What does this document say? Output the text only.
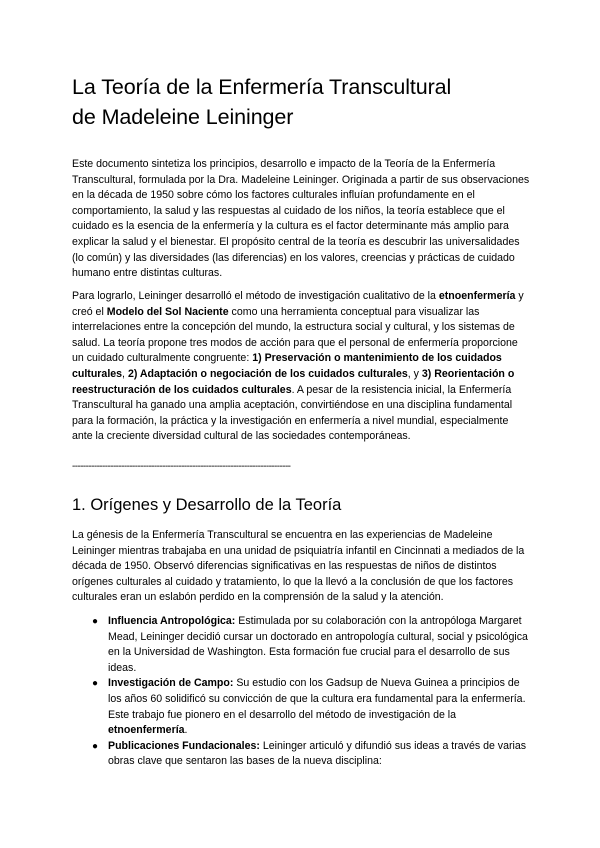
La Teoría de la Enfermería Transcultural
de Madeleine Leininger

Este documento sintetiza los principios, desarrollo e impacto de la Teoría de la Enfermería Transcultural, formulada por la Dra. Madeleine Leininger. Originada a partir de sus observaciones en la década de 1950 sobre cómo los factores culturales influían profundamente en el comportamiento, la salud y las respuestas al cuidado de los niños, la teoría establece que el cuidado es la esencia de la enfermería y la cultura es el factor determinante más amplio para explicar la salud y el bienestar. El propósito central de la teoría es descubrir las universalidades (lo común) y las diversidades (las diferencias) en los valores, creencias y prácticas de cuidado humano entre distintas culturas.

Para lograrlo, Leininger desarrolló el método de investigación cualitativo de la etnoenfermería y creó el Modelo del Sol Naciente como una herramienta conceptual para visualizar las interrelaciones entre la concepción del mundo, la estructura social y cultural, y los sistemas de salud. La teoría propone tres modos de acción para que el personal de enfermería proporcione un cuidado culturalmente congruente: 1) Preservación o mantenimiento de los cuidados culturales, 2) Adaptación o negociación de los cuidados culturales, y 3) Reorientación o reestructuración de los cuidados culturales. A pesar de la resistencia inicial, la Enfermería Transcultural ha ganado una amplia aceptación, convirtiéndose en una disciplina fundamental para la formación, la práctica y la investigación en enfermería a nivel mundial, especialmente ante la creciente diversidad cultural de las sociedades contemporáneas.

--------------------------------------------------------------------------------
1. Orígenes y Desarrollo de la Teoría

La génesis de la Enfermería Transcultural se encuentra en las experiencias de Madeleine Leininger mientras trabajaba en una unidad de psiquiatría infantil en Cincinnati a mediados de la década de 1950. Observó diferencias significativas en las respuestas de niños de distintos orígenes culturales al cuidado y tratamiento, lo que la llevó a la conclusión de que los factores culturales eran un eslabón perdido en la comprensión de la salud y la atención.

● Influencia Antropológica: Estimulada por su colaboración con la antropóloga Margaret Mead, Leininger decidió cursar un doctorado en antropología cultural, social y psicológica en la Universidad de Washington. Esta formación fue crucial para el desarrollo de sus ideas.
● Investigación de Campo: Su estudio con los Gadsup de Nueva Guinea a principios de los años 60 solidificó su convicción de que la cultura era fundamental para la enfermería. Este trabajo fue pionero en el desarrollo del método de investigación de la etnoenfermería.
● Publicaciones Fundacionales: Leininger articuló y difundió sus ideas a través de varias obras clave que sentaron las bases de la nueva disciplina:
